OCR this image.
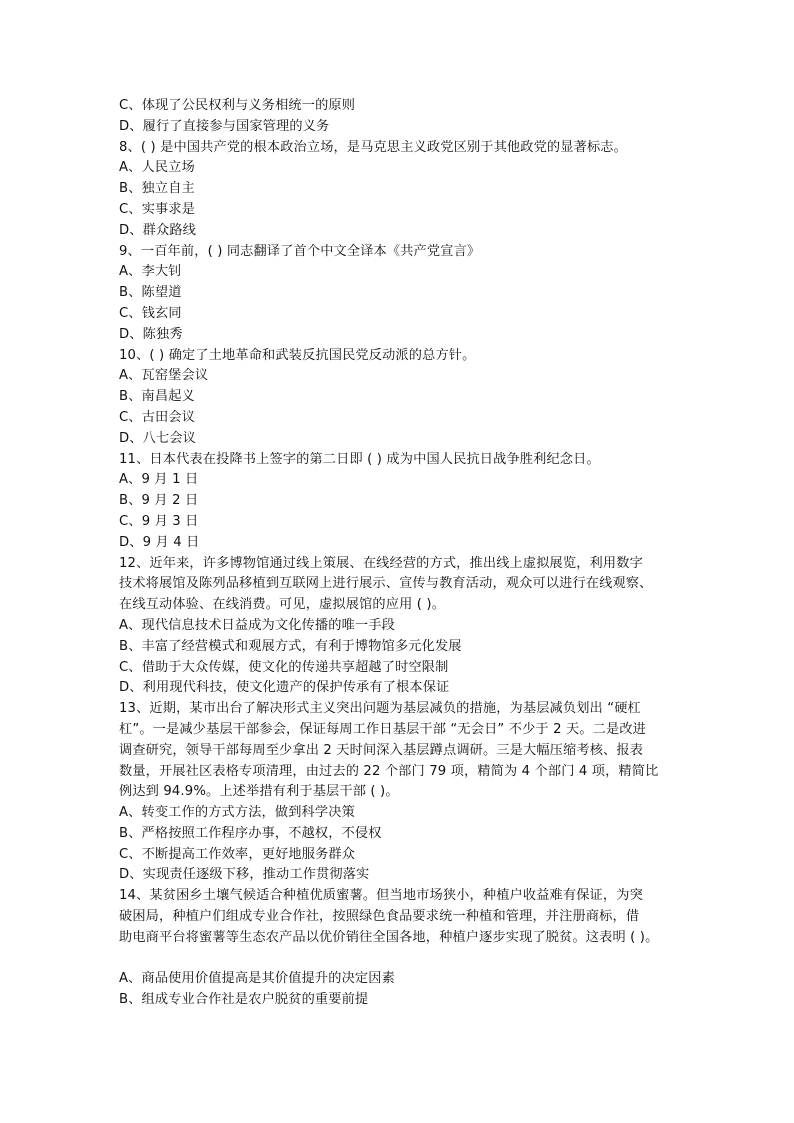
C、体现了公民权利与义务相统一的原则

D、履行了直接参与国家管理的义务

8、( ) 是中国共产党的根本政治立场，是马克思主义政党区别于其他政党的显著标志。

A、人民立场

B、独立自主

C、实事求是

D、群众路线

9、一百年前，( ) 同志翻译了首个中文全译本《共产党宣言》

A、李大钊

B、陈望道

C、钱玄同

D、陈独秀

10、( ) 确定了土地革命和武装反抗国民党反动派的总方针。

A、瓦窑堡会议

B、南昌起义

C、古田会议

D、八七会议

11、日本代表在投降书上签字的第二日即 ( ) 成为中国人民抗日战争胜利纪念日。

A、9 月 1 日

B、9 月 2 日

C、9 月 3 日

D、9 月 4 日

12、近年来，许多博物馆通过线上策展、在线经营的方式，推出线上虚拟展览，利用数字

技术将展馆及陈列品移植到互联网上进行展示、宣传与教育活动，观众可以进行在线观察、

在线互动体验、在线消费。可见，虚拟展馆的应用 ( )。

A、现代信息技术日益成为文化传播的唯一手段

B、丰富了经营模式和观展方式，有利于博物馆多元化发展

C、借助于大众传媒，使文化的传递共享超越了时空限制

D、利用现代科技，使文化遗产的保护传承有了根本保证

13、近期，某市出台了解决形式主义突出问题为基层减负的措施，为基层减负划出 “硬杠

杠”。一是减少基层干部参会，保证每周工作日基层干部 “无会日” 不少于 2 天。二是改进

调查研究，领导干部每周至少拿出 2 天时间深入基层蹲点调研。三是大幅压缩考核、报表

数量，开展社区表格专项清理，由过去的 22 个部门 79 项，精简为 4 个部门 4 项，精简比

例达到 94.9%。上述举措有利于基层干部 ( )。

A、转变工作的方式方法，做到科学决策

B、严格按照工作程序办事，不越权，不侵权

C、不断提高工作效率，更好地服务群众

D、实现责任逐级下移，推动工作贯彻落实

14、某贫困乡土壤气候适合种植优质蜜薯。但当地市场狭小，种植户收益难有保证，为突

破困局，种植户们组成专业合作社，按照绿色食品要求统一种植和管理，并注册商标，借

助电商平台将蜜薯等生态农产品以优价销往全国各地，种植户逐步实现了脱贫。这表明 ( )。

A、商品使用价值提高是其价值提升的决定因素

B、组成专业合作社是农户脱贫的重要前提
